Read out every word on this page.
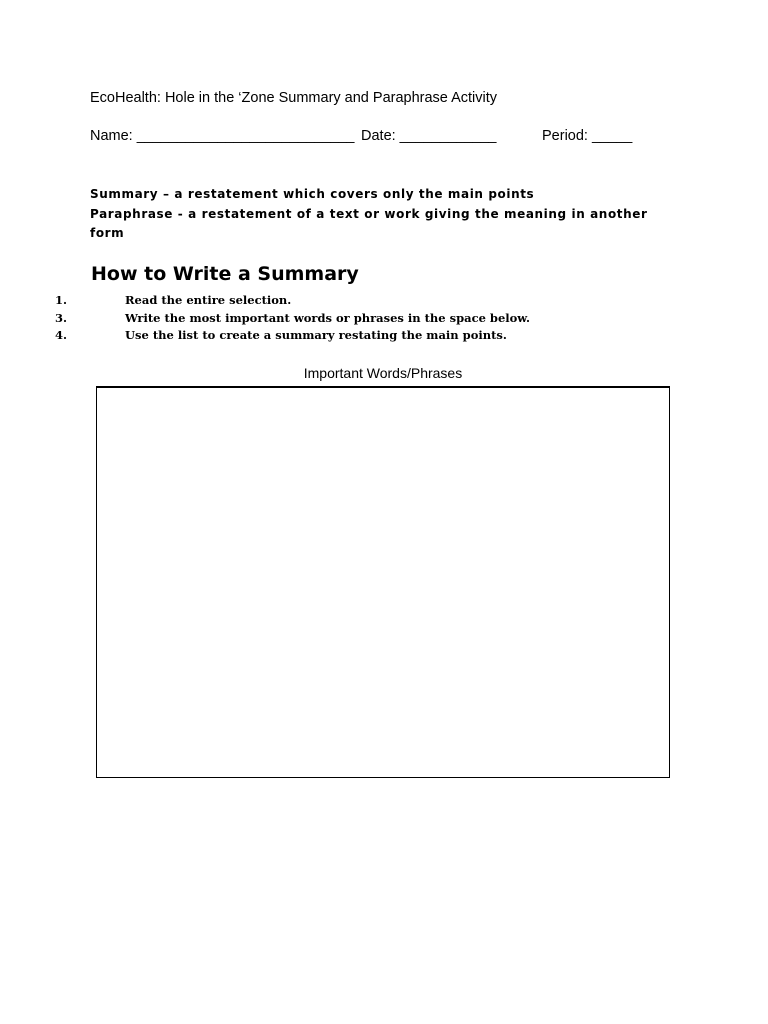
EcoHealth: Hole in the ‘Zone Summary and Paraphrase Activity
Name: ___________________________ Date: ____________	Period: _____
Summary – a restatement which covers only the main points
Paraphrase - a restatement of a text or work giving the meaning in another form
How to Write a Summary
1.	Read the entire selection.
3.	Write the most important words or phrases in the space below.
4.	Use the list to create a summary restating the main points.
Important Words/Phrases
